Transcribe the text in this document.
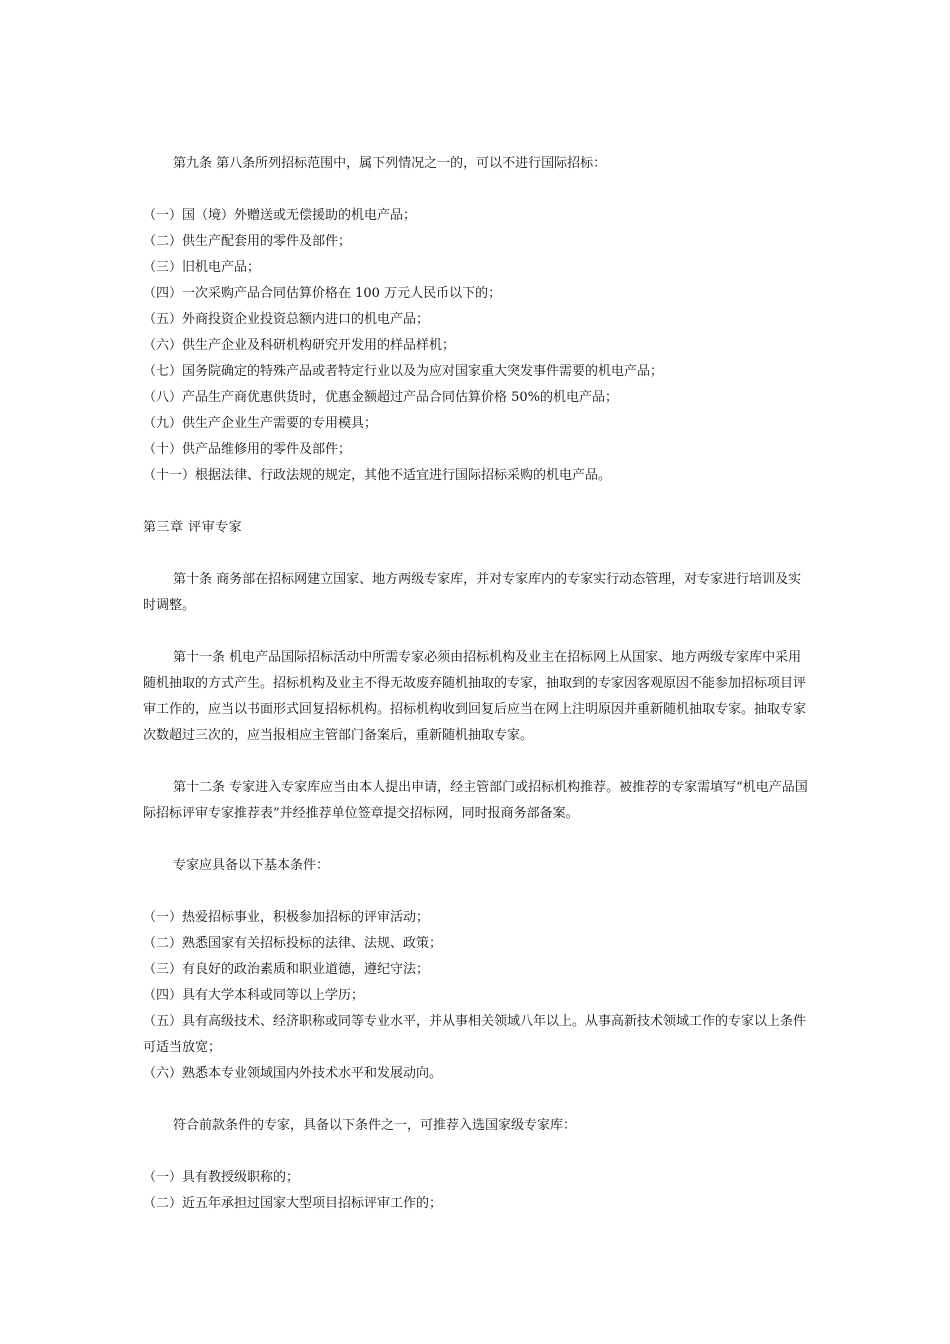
第九条 第八条所列招标范围中，属下列情况之一的，可以不进行国际招标：

（一）国（境）外赠送或无偿援助的机电产品；

（二）供生产配套用的零件及部件；

（三）旧机电产品；

（四）一次采购产品合同估算价格在 100 万元人民币以下的；

（五）外商投资企业投资总额内进口的机电产品；

（六）供生产企业及科研机构研究开发用的样品样机；

（七）国务院确定的特殊产品或者特定行业以及为应对国家重大突发事件需要的机电产品；

（八）产品生产商优惠供货时，优惠金额超过产品合同估算价格 50%的机电产品；

（九）供生产企业生产需要的专用模具；

（十）供产品维修用的零件及部件；

（十一）根据法律、行政法规的规定，其他不适宜进行国际招标采购的机电产品。

第三章 评审专家

第十条 商务部在招标网建立国家、地方两级专家库，并对专家库内的专家实行动态管理，对专家进行培训及实时调整。

第十一条 机电产品国际招标活动中所需专家必须由招标机构及业主在招标网上从国家、地方两级专家库中采用随机抽取的方式产生。招标机构及业主不得无故废弃随机抽取的专家，抽取到的专家因客观原因不能参加招标项目评审工作的，应当以书面形式回复招标机构。招标机构收到回复后应当在网上注明原因并重新随机抽取专家。抽取专家次数超过三次的，应当报相应主管部门备案后，重新随机抽取专家。

第十二条 专家进入专家库应当由本人提出申请，经主管部门或招标机构推荐。被推荐的专家需填写“机电产品国际招标评审专家推荐表”并经推荐单位签章提交招标网，同时报商务部备案。

专家应具备以下基本条件：

（一）热爱招标事业，积极参加招标的评审活动；

（二）熟悉国家有关招标投标的法律、法规、政策；

（三）有良好的政治素质和职业道德，遵纪守法；

（四）具有大学本科或同等以上学历；

（五）具有高级技术、经济职称或同等专业水平，并从事相关领域八年以上。从事高新技术领域工作的专家以上条件可适当放宽；

（六）熟悉本专业领域国内外技术水平和发展动向。

符合前款条件的专家，具备以下条件之一，可推荐入选国家级专家库：

（一）具有教授级职称的；

（二）近五年承担过国家大型项目招标评审工作的；
